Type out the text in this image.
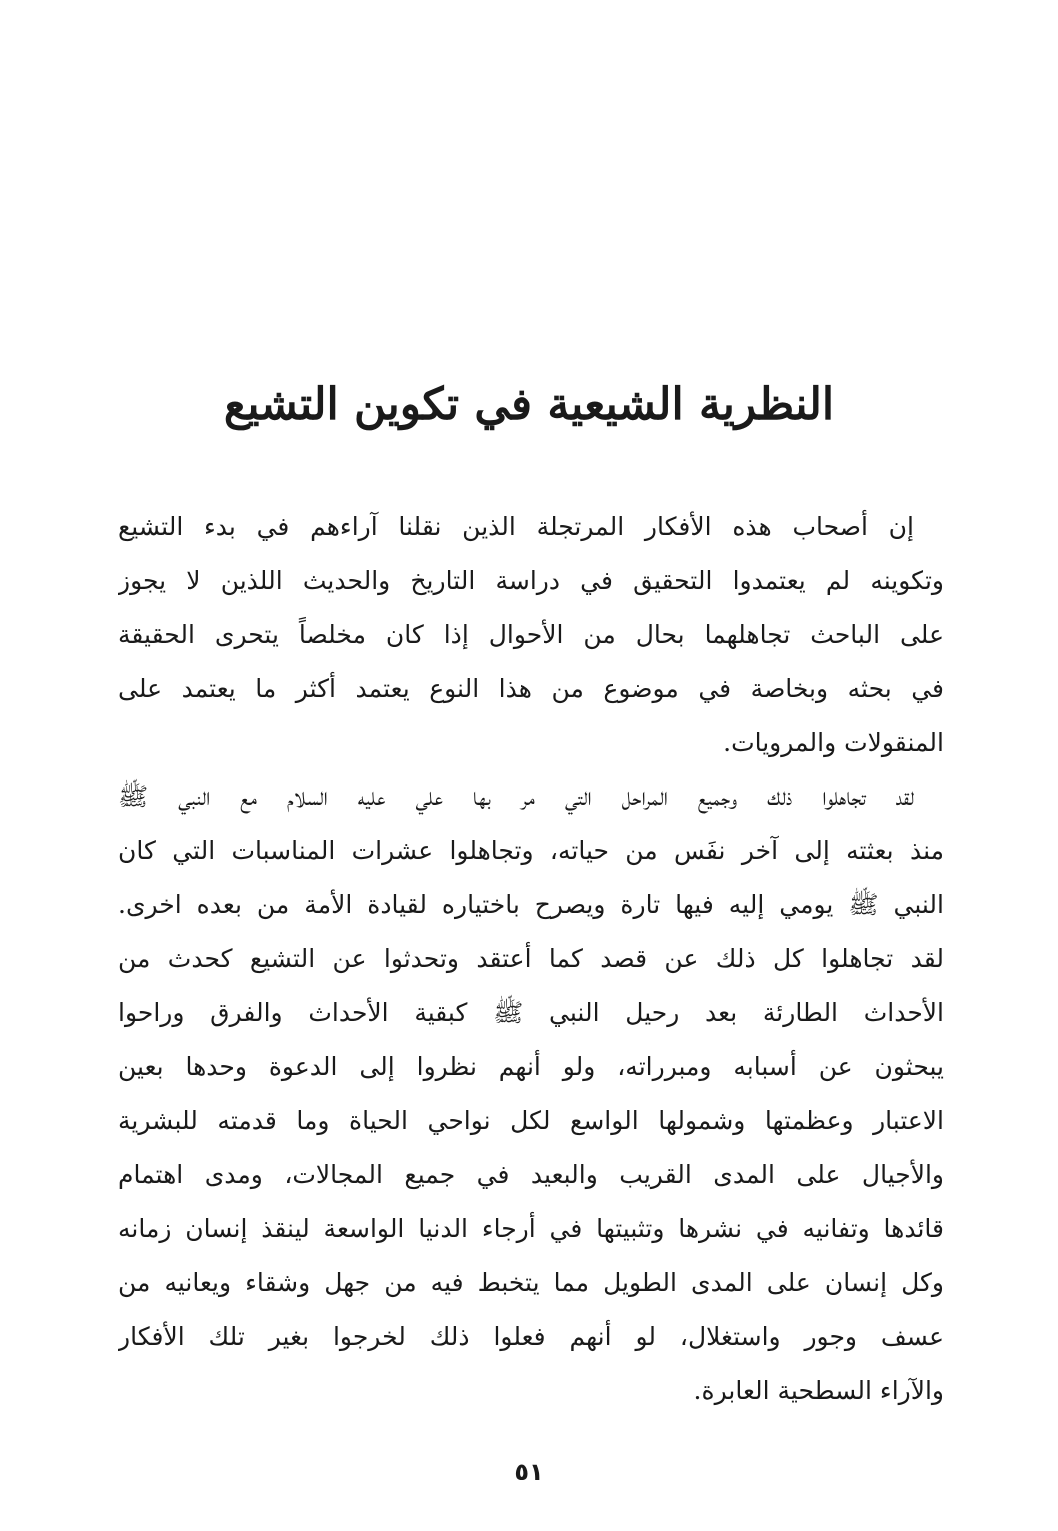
النظرية الشيعية في تكوين التشيع
إن أصحاب هذه الأفكار المرتجلة الذين نقلنا آراءهم في بدء التشيع
وتكوينه لم يعتمدوا التحقيق في دراسة التاريخ والحديث اللذين لا يجوز
على الباحث تجاهلهما بحال من الأحوال إذا كان مخلصاً يتحرى الحقيقة
في بحثه وبخاصة في موضوع من هذا النوع يعتمد أكثر ما يعتمد على
المنقولات والمرويات.
لقد تجاهلوا ذلك وجميع المراحل التي مر بها علي عليه السلام مع النبي ﷺ
منذ بعثته إلى آخر نفَس من حياته، وتجاهلوا عشرات المناسبات التي كان
النبي ﷺ يومي إليه فيها تارة ويصرح باختياره لقيادة الأمة من بعده اخرى.
لقد تجاهلوا كل ذلك عن قصد كما أعتقد وتحدثوا عن التشيع كحدث من
الأحداث الطارئة بعد رحيل النبي ﷺ كبقية الأحداث والفرق وراحوا
يبحثون عن أسبابه ومبرراته، ولو أنهم نظروا إلى الدعوة وحدها بعين
الاعتبار وعظمتها وشمولها الواسع لكل نواحي الحياة وما قدمته للبشرية
والأجيال على المدى القريب والبعيد في جميع المجالات، ومدى اهتمام
قائدها وتفانيه في نشرها وتثبيتها في أرجاء الدنيا الواسعة لينقذ إنسان زمانه
وكل إنسان على المدى الطويل مما يتخبط فيه من جهل وشقاء ويعانيه من
عسف وجور واستغلال، لو أنهم فعلوا ذلك لخرجوا بغير تلك الأفكار
والآراء السطحية العابرة.
٥١
